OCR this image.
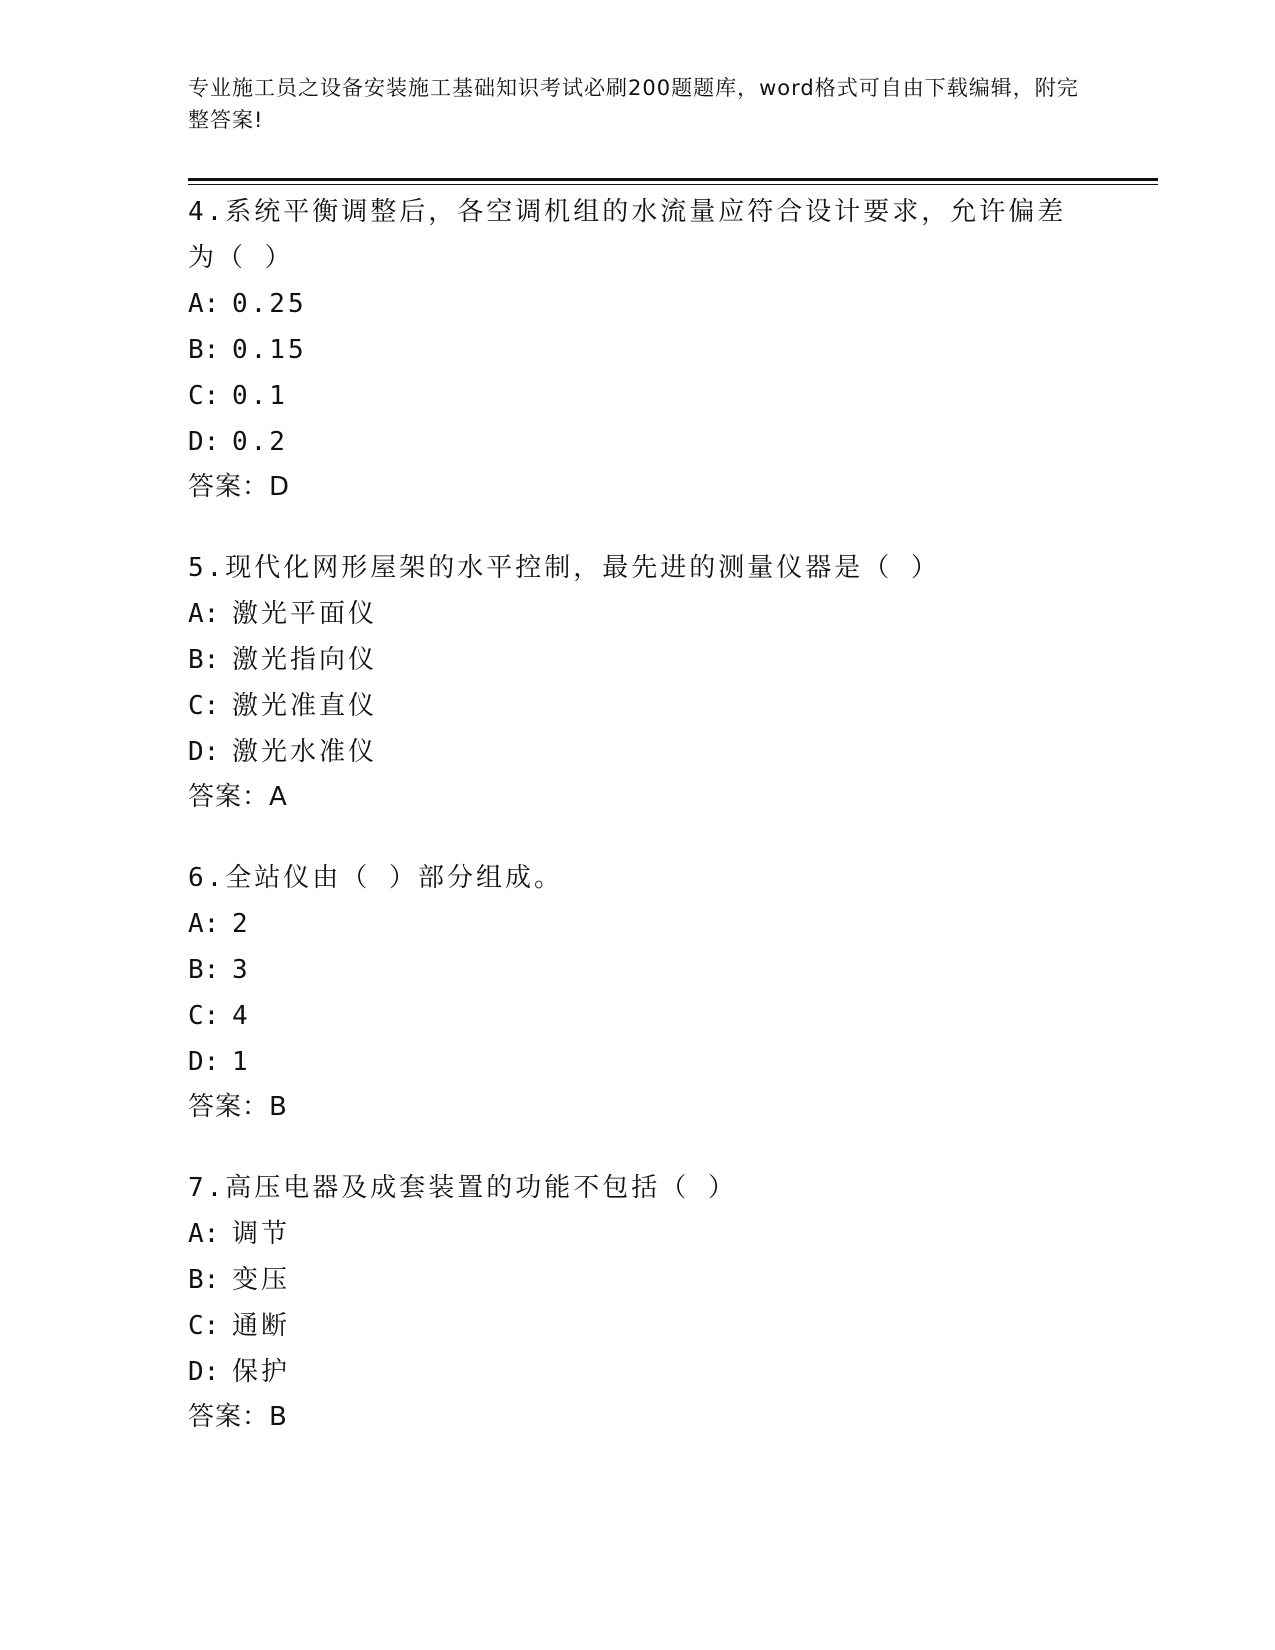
专业施工员之设备安装施工基础知识考试必刷200题题库，word格式可自由下载编辑，附完整答案!

4.系统平衡调整后，各空调机组的水流量应符合设计要求，允许偏差为（ ）

A: 0.25

B: 0.15

C: 0.1

D: 0.2

答案：D

5.现代化网形屋架的水平控制，最先进的测量仪器是（ ）

A: 激光平面仪

B: 激光指向仪

C: 激光准直仪

D: 激光水准仪

答案：A

6.全站仪由（ ）部分组成。

A: 2

B: 3

C: 4

D: 1

答案：B

7.高压电器及成套装置的功能不包括（ ）

A: 调节

B: 变压

C: 通断

D: 保护

答案：B
